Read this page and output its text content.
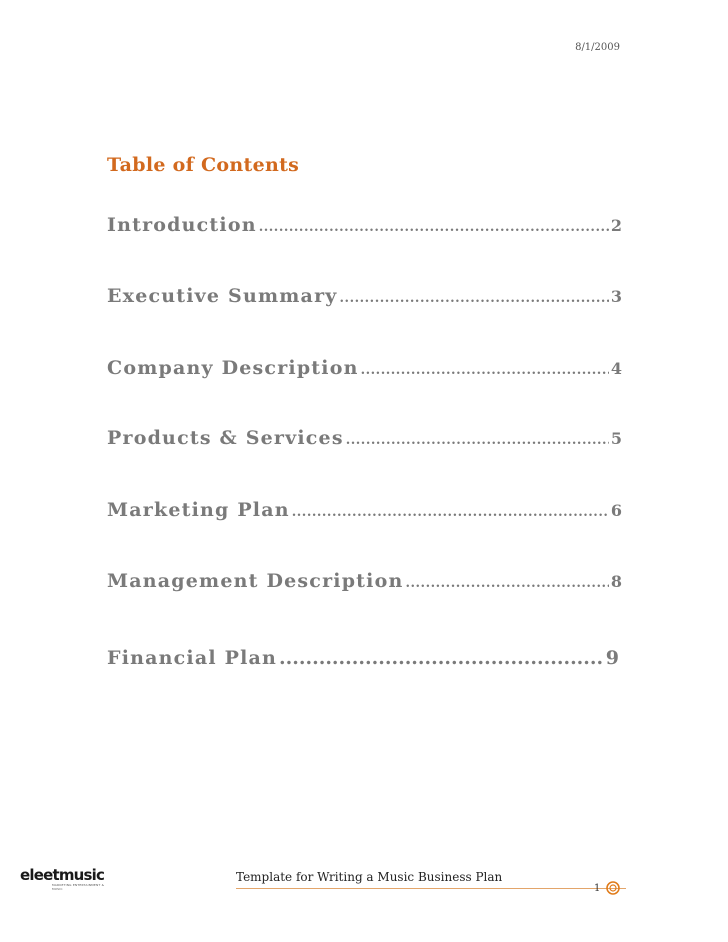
8/1/2009
Table of Contents
Introduction .....	2
Executive Summary .....	3
Company Description .....	4
Products & Services .....	5
Marketing Plan .....	6
Management Description .....	8
Financial Plan .....	9
eleetmusic
MARKETING ENTERTAINMENT & MUSIC
Template for Writing a Music Business Plan
1
